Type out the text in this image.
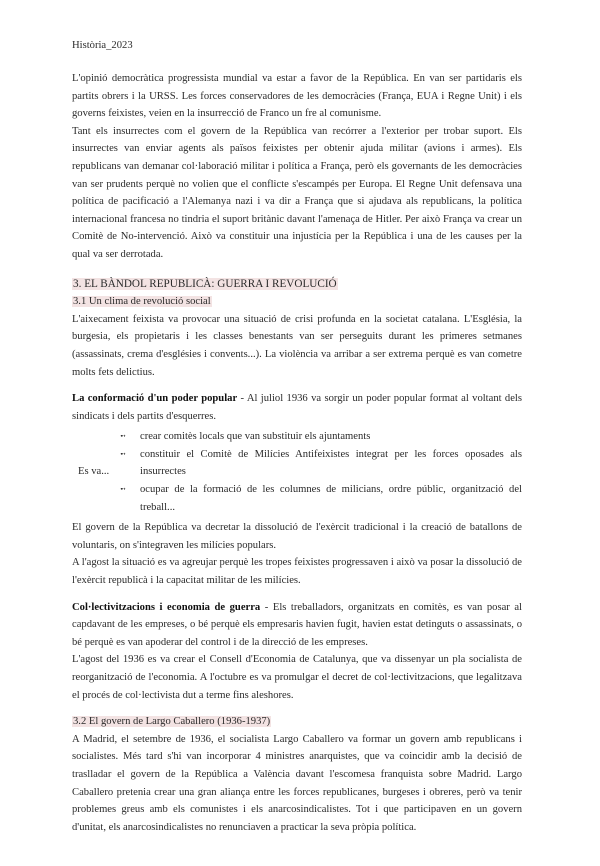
Història_2023

L'opinió democràtica progressista mundial va estar a favor de la República. En van ser partidaris els partits obrers i la URSS. Les forces conservadores de les democràcies (França, EUA i Regne Unit) i els governs feixistes, veien en la insurrecció de Franco un fre al comunisme.

Tant els insurrectes com el govern de la República van recórrer a l'exterior per trobar suport. Els insurrectes van enviar agents als països feixistes per obtenir ajuda militar (avions i armes). Els republicans van demanar col·laboració militar i política a França, però els governants de les democràcies van ser prudents perquè no volien que el conflicte s'escampés per Europa. El Regne Unit defensava una política de pacificació a l'Alemanya nazi i va dir a França que si ajudava als republicans, la política internacional francesa no tindria el suport britànic davant l'amenaça de Hitler. Per això França va crear un Comitè de No-intervenció. Això va constituir una injustícia per la República i una de les causes per la qual va ser derrotada.

3. EL BÀNDOL REPUBLICÀ: GUERRA I REVOLUCIÓ

3.1 Un clima de revolució social

L'aixecament feixista va provocar una situació de crisi profunda en la societat catalana. L'Església, la burgesia, els propietaris i les classes benestants van ser perseguits durant les primeres setmanes (assassinats, crema d'esglésies i convents...). La violència va arribar a ser extrema perquè es van cometre molts fets delictius.

La conformació d'un poder popular - Al juliol 1936 va sorgir un poder popular format al voltant dels sindicats i dels partits d'esquerres.

Es va...
➻ crear comitès locals que van substituir els ajuntaments
➻ constituir el Comitè de Milícies Antifeixistes integrat per les forces oposades als insurrectes
➻ ocupar de la formació de les columnes de milicians, ordre públic, organització del treball...

El govern de la República va decretar la dissolució de l'exèrcit tradicional i la creació de batallons de voluntaris, on s'integraven les milícies populars.

A l'agost la situació es va agreujar perquè les tropes feixistes progressaven i això va posar la dissolució de l'exèrcit republicà i la capacitat militar de les milícies.

Col·lectivitzacions i economia de guerra - Els treballadors, organitzats en comitès, es van posar al capdavant de les empreses, o bé perquè els empresaris havien fugit, havien estat detinguts o assassinats, o bé perquè es van apoderar del control i de la direcció de les empreses.

L'agost del 1936 es va crear el Consell d'Economia de Catalunya, que va dissenyar un pla socialista de reorganització de l'economia. A l'octubre es va promulgar el decret de col·lectivitzacions, que legalitzava el procés de col·lectivista dut a terme fins aleshores.

3.2 El govern de Largo Caballero (1936-1937)

A Madrid, el setembre de 1936, el socialista Largo Caballero va formar un govern amb republicans i socialistes. Més tard s'hi van incorporar 4 ministres anarquistes, que va coincidir amb la decisió de traslladar el govern de la República a València davant l'escomesa franquista sobre Madrid. Largo Caballero pretenia crear una gran aliança entre les forces republicanes, burgeses i obreres, però va tenir problemes greus amb els comunistes i els anarcosindicalistes. Tot i que participaven en un govern d'unitat, els anarcosindicalistes no renunciaven a practicar la seva pròpia política.
